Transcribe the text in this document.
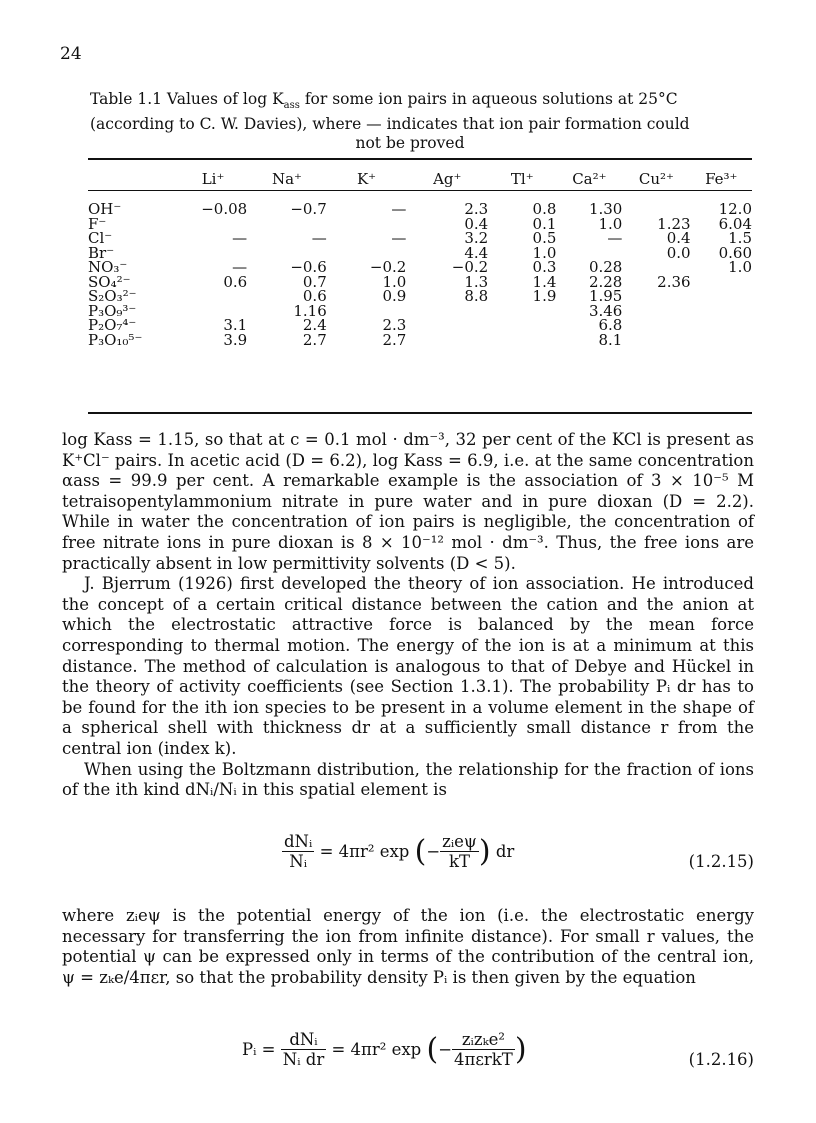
24
Table 1.1 Values of $\log K_{ass}$ for some ion pairs in aqueous solutions at 25°C
(according to C. W. Davies), where — indicates that ion pair formation could
not be proved
	Li⁺	Na⁺	K⁺	Ag⁺	Tl⁺	Ca²⁺	Cu²⁺	Fe³⁺

OH⁻	−0.08	−0.7	—	2.3	0.8	1.30		12.0
F⁻				0.4	0.1	1.0	1.23	6.04
Cl⁻	—	—	—	3.2	0.5	—	0.4	1.5
Br⁻				4.4	1.0		0.0	0.60
NO₃⁻	—	−0.6	−0.2	−0.2	0.3	0.28		1.0
SO₄²⁻	0.6	0.7	1.0	1.3	1.4	2.28	2.36	
S₂O₃²⁻		0.6	0.9	8.8	1.9	1.95		
P₃O₉³⁻		1.16				3.46		
P₂O₇⁴⁻	3.1	2.4	2.3			6.8		
P₃O₁₀⁵⁻	3.9	2.7	2.7			8.1		

log Kass = 1.15, so that at c = 0.1 mol · dm⁻³, 32 per cent of the KCl is present as K⁺Cl⁻ pairs. In acetic acid (D = 6.2), log Kass = 6.9, i.e. at the same concentration αass = 99.9 per cent. A remarkable example is the association of 3 × 10⁻⁵ M tetraisopentylammonium nitrate in pure water and in pure dioxan (D = 2.2). While in water the concentration of ion pairs is negligible, the concentration of free nitrate ions in pure dioxan is 8 × 10⁻¹² mol · dm⁻³. Thus, the free ions are practically absent in low permittivity solvents (D < 5).

J. Bjerrum (1926) first developed the theory of ion association. He introduced the concept of a certain critical distance between the cation and the anion at which the electrostatic attractive force is balanced by the mean force corresponding to thermal motion. The energy of the ion is at a minimum at this distance. The method of calculation is analogous to that of Debye and Hückel in the theory of activity coefficients (see Section 1.3.1). The probability Pᵢ dr has to be found for the ith ion species to be present in a volume element in the shape of a spherical shell with thickness dr at a sufficiently small distance r from the central ion (index k).

When using the Boltzmann distribution, the relationship for the fraction of ions of the ith kind dNᵢ/Nᵢ in this spatial element is

$\frac{\text{dNᵢ}}{\text{Nᵢ}} = 4\pi r^2$ exp (− $\frac{\text{zᵢeψ}}{kT}$ ) dr
(1.2.15)

where zᵢeψ is the potential energy of the ion (i.e. the electrostatic energy necessary for transferring the ion from infinite distance). For small r values, the potential ψ can be expressed only in terms of the contribution of the central ion, ψ = zₖe/4πεr, so that the probability density Pᵢ is then given by the equation

Pᵢ = $\frac{\text{dNᵢ}}{\text{Nᵢ dr}} = 4\pi r^2$ exp (− $\frac{\text{zᵢzₖe²}}{\text{4πεrkT}}$ )	(1.2.16)
